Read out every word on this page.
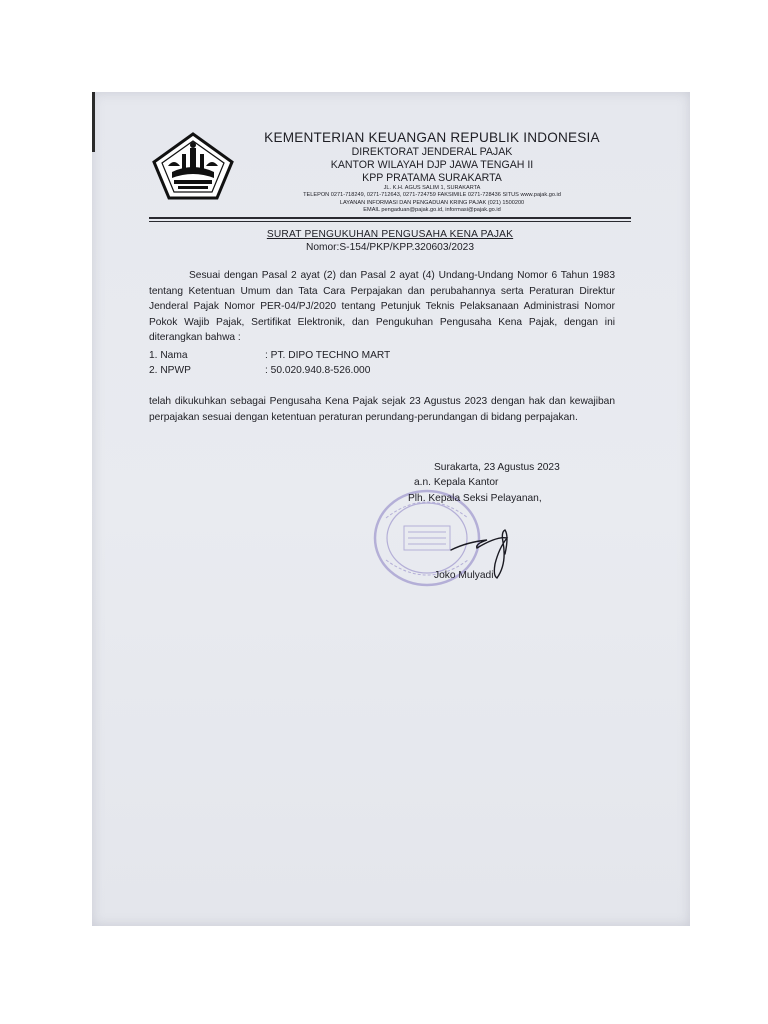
KEMENTERIAN KEUANGAN REPUBLIK INDONESIA

DIREKTORAT JENDERAL PAJAK

KANTOR WILAYAH DJP JAWA TENGAH II

KPP PRATAMA SURAKARTA

JL. K.H. AGUS SALIM 1, SURAKARTA

TELEPON 0271-718249, 0271-712643, 0271-724759 FAKSIMILE 0271-728436 SITUS www.pajak.go.id

LAYANAN INFORMASI DAN PENGADUAN KRING PAJAK (021) 1500200

EMAIL pengaduan@pajak.go.id, informasi@pajak.go.id

SURAT PENGUKUHAN PENGUSAHA KENA PAJAK

Nomor:S-154/PKP/KPP.320603/2023

Sesuai dengan Pasal 2 ayat (2) dan Pasal 2 ayat (4) Undang-Undang Nomor 6 Tahun 1983 tentang Ketentuan Umum dan Tata Cara Perpajakan dan perubahannya serta Peraturan Direktur Jenderal Pajak Nomor PER-04/PJ/2020 tentang Petunjuk Teknis Pelaksanaan Administrasi Nomor Pokok Wajib Pajak, Sertifikat Elektronik, dan Pengukuhan Pengusaha Kena Pajak, dengan ini diterangkan bahwa :

1. Nama	: PT. DIPO TECHNO MART
2. NPWP	: 50.020.940.8-526.000

telah dikukuhkan sebagai Pengusaha Kena Pajak sejak 23 Agustus 2023 dengan hak dan kewajiban perpajakan sesuai dengan ketentuan peraturan perundang-perundangan di bidang perpajakan.

Surakarta, 23 Agustus 2023

a.n. Kepala Kantor

Plh. Kepala Seksi Pelayanan,

Joko Mulyadi
